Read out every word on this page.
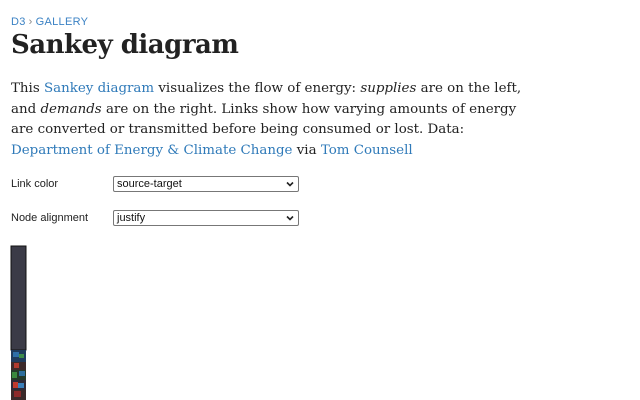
D3 › GALLERY
Sankey diagram

This Sankey diagram visualizes the flow of energy: supplies are on the left, and demands are on the right. Links show how varying amounts of energy are converted or transmitted before being consumed or lost. Data: Department of Energy & Climate Change via Tom Counsell

Link color	source-target
Node alignment	justify
